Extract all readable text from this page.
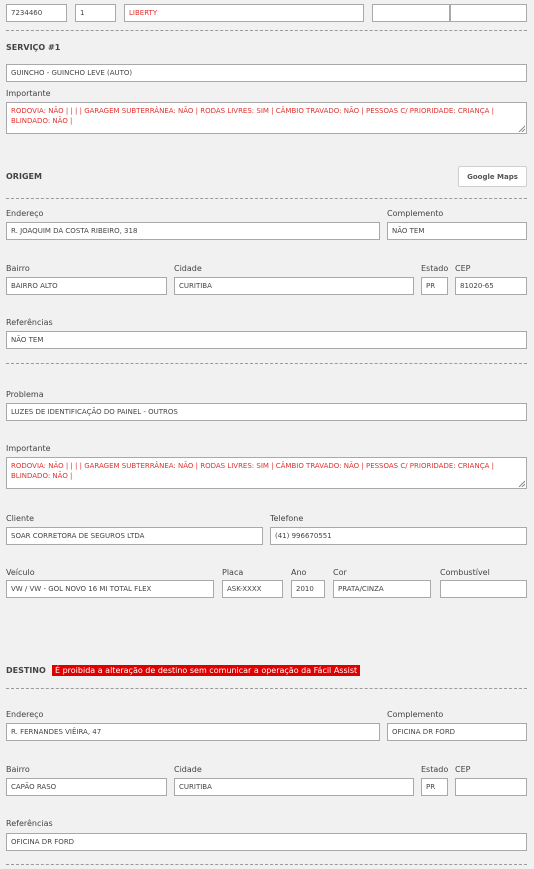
7234460	1	LIBERTY
SERVIÇO #1
GUINCHO - GUINCHO LEVE (AUTO)
Importante
RODOVIA: NÃO | | | | GARAGEM SUBTERRÂNEA: NÃO | RODAS LIVRES: SIM | CÂMBIO TRAVADO: NÃO | PESSOAS C/ PRIORIDADE: CRIANÇA | BLINDADO: NÃO |
ORIGEM	Google Maps
Endereço
R. JOAQUIM DA COSTA RIBEIRO, 318
Complemento
NÃO TEM
Bairro
BAIRRO ALTO
Cidade
CURITIBA
Estado
PR
CEP
81020-65
Referências
NÃO TEM
Problema
LUZES DE IDENTIFICAÇÃO DO PAINEL - OUTROS
Importante
RODOVIA: NÃO | | | | GARAGEM SUBTERRÂNEA: NÃO | RODAS LIVRES: SIM | CÂMBIO TRAVADO: NÃO | PESSOAS C/ PRIORIDADE: CRIANÇA | BLINDADO: NÃO |
Cliente
SOAR CORRETORA DE SEGUROS LTDA
Telefone
(41) 996670551
Veículo
VW / VW - GOL NOVO 16 MI TOTAL FLEX
Placa
ASK-XXXX
Ano
2010
Cor
PRATA/CINZA
Combustível
DESTINO	É proibida a alteração de destino sem comunicar a operação da Fácil Assist
Endereço
R. FERNANDES VIÊIRA, 47
Complemento
OFICINA DR FORD
Bairro
CAPÃO RASO
Cidade
CURITIBA
Estado
PR
CEP
Referências
OFICINA DR FORD
